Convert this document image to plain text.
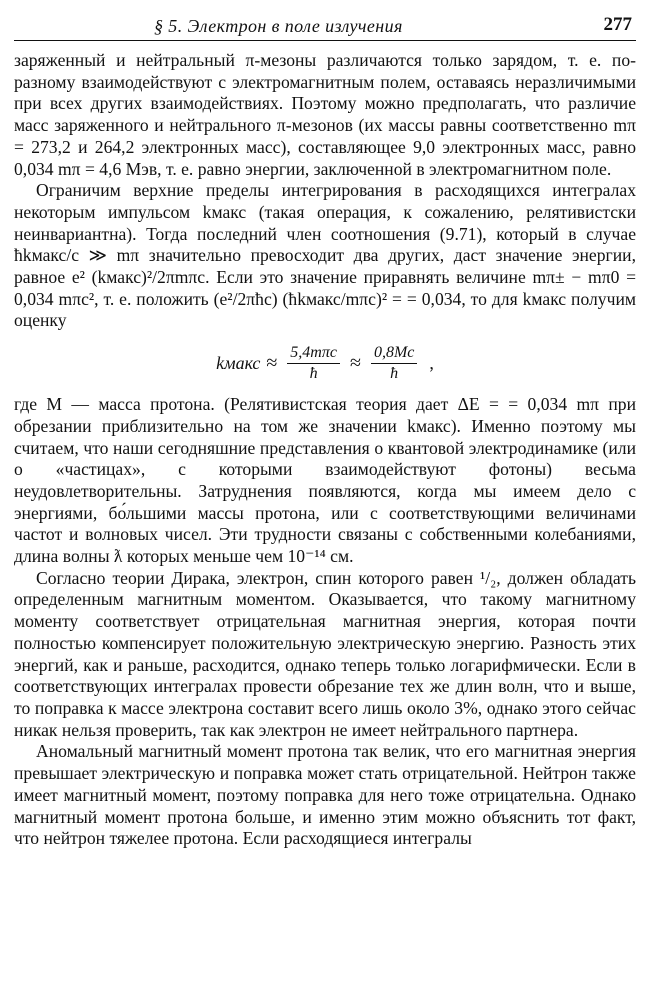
§ 5. Электрон в поле излучения	277

заряженный и нейтральный π-мезоны различаются только зарядом, т. е. по-разному взаимодействуют с электромагнитным полем, оставаясь неразличимыми при всех других взаимодействиях. Поэтому можно предполагать, что различие масс заряженного и нейтрального π-мезонов (их массы равны соответственно mπ = 273,2 и 264,2 электронных масс), составляющее 9,0 электронных масс, равно 0,034 mπ = 4,6 Мэв, т. е. равно энергии, заключенной в электромагнитном поле.

Ограничим верхние пределы интегрирования в расходящихся интегралах некоторым импульсом kмакс (такая операция, к сожалению, релятивистски неинвариантна). Тогда последний член соотношения (9.71), который в случае ħkмакс/c ≫ mπ значительно превосходит два других, даст значение энергии, равное e² (kмакс)²/2πmπc. Если это значение приравнять величине mπ± − mπ0 = 0,034 mπc², т. е. положить (e²/2πħc) (ħkмакс/mπc)² = = 0,034, то для kмакс получим оценку

kмакс ≈ $\frac{\text{5,4mπc}}{ħ} \approx \frac{0,8Mc}{ħ}$ ,

где M — масса протона. (Релятивистская теория дает ΔE = = 0,034 mπ при обрезании приблизительно на том же значении kмакс). Именно поэтому мы считаем, что наши сегодняшние представления о квантовой электродинамике (или о «частицах», с которыми взаимодействуют фотоны) весьма неудовлетворительны. Затруднения появляются, когда мы имеем дело с энергиями, бо́льшими массы протона, или с соответствующими величинами частот и волновых чисел. Эти трудности связаны с собственными колебаниями, длина волны ƛ которых меньше чем 10⁻¹⁴ см.

Согласно теории Дирака, электрон, спин которого равен ¹/₂, должен обладать определенным магнитным моментом. Оказывается, что такому магнитному моменту соответствует отрицательная магнитная энергия, которая почти полностью компенсирует положительную электрическую энергию. Разность этих энергий, как и раньше, расходится, однако теперь только логарифмически. Если в соответствующих интегралах провести обрезание тех же длин волн, что и выше, то поправка к массе электрона составит всего лишь около 3%, однако этого сейчас никак нельзя проверить, так как электрон не имеет нейтрального партнера.

Аномальный магнитный момент протона так велик, что его магнитная энергия превышает электрическую и поправка может стать отрицательной. Нейтрон также имеет магнитный момент, поэтому поправка для него тоже отрицательна. Однако магнитный момент протона больше, и именно этим можно объяснить тот факт, что нейтрон тяжелее протона. Если расходящиеся интегралы
